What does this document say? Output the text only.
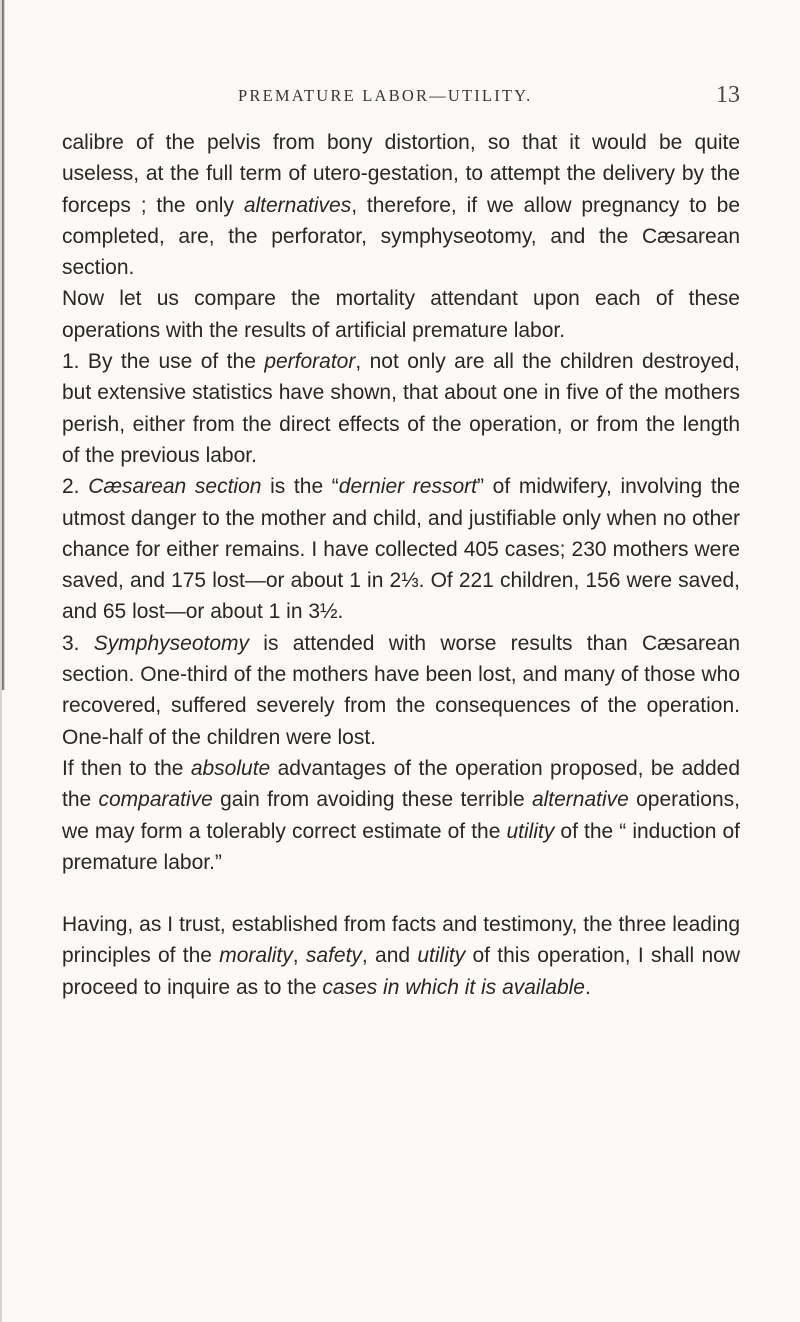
PREMATURE LABOR—UTILITY.	13

calibre of the pelvis from bony distortion, so that it would be quite useless, at the full term of utero-gestation, to attempt the delivery by the forceps ; the only alternatives, therefore, if we allow pregnancy to be completed, are, the perforator, symphyseotomy, and the Cæsarean section.

Now let us compare the mortality attendant upon each of these operations with the results of artificial premature labor.

1. By the use of the perforator, not only are all the children destroyed, but extensive statistics have shown, that about one in five of the mothers perish, either from the direct effects of the operation, or from the length of the previous labor.

2. Cæsarean section is the “dernier ressort” of midwifery, involving the utmost danger to the mother and child, and justifiable only when no other chance for either remains. I have collected 405 cases; 230 mothers were saved, and 175 lost—or about 1 in 2⅓. Of 221 children, 156 were saved, and 65 lost—or about 1 in 3½.

3. Symphyseotomy is attended with worse results than Cæsarean section. One-third of the mothers have been lost, and many of those who recovered, suffered severely from the consequences of the operation. One-half of the children were lost.

If then to the absolute advantages of the operation proposed, be added the comparative gain from avoiding these terrible alternative operations, we may form a tolerably correct estimate of the utility of the “ induction of premature labor.”

Having, as I trust, established from facts and testimony, the three leading principles of the morality, safety, and utility of this operation, I shall now proceed to inquire as to the cases in which it is available.
